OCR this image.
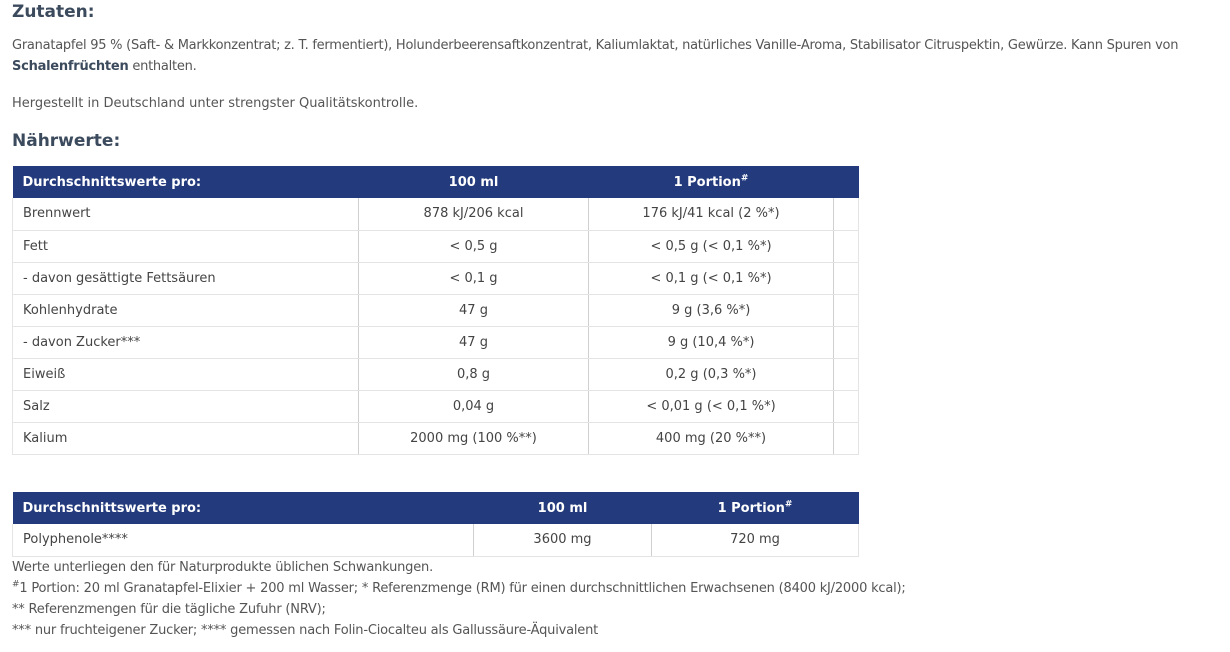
Zutaten:

Granatapfel 95 % (Saft- & Markkonzentrat; z. T. fermentiert), Holunderbeerensaftkonzentrat, Kaliumlaktat, natürliches Vanille-Aroma, Stabilisator Citruspektin, Gewürze. Kann Spuren von Schalenfrüchten enthalten.

Hergestellt in Deutschland unter strengster Qualitätskontrolle.

Nährwerte:
Durchschnittswerte pro:	100 ml	1 Portion#	
Brennwert	878 kJ/206 kcal	176 kJ/41 kcal (2 %*)	
Fett	< 0,5 g	< 0,5 g (< 0,1 %*)	
- davon gesättigte Fettsäuren	< 0,1 g	< 0,1 g (< 0,1 %*)	
Kohlenhydrate	47 g	9 g (3,6 %*)	
- davon Zucker***	47 g	9 g (10,4 %*)	
Eiweiß	0,8 g	0,2 g (0,3 %*)	
Salz	0,04 g	< 0,01 g (< 0,1 %*)	
Kalium	2000 mg (100 %**)	400 mg (20 %**)	
Durchschnittswerte pro:	100 ml	1 Portion#
Polyphenole****	3600 mg	720 mg
Werte unterliegen den für Naturprodukte üblichen Schwankungen.
#1 Portion: 20 ml Granatapfel-Elixier + 200 ml Wasser; * Referenzmenge (RM) für einen durchschnittlichen Erwachsenen (8400 kJ/2000 kcal);
** Referenzmengen für die tägliche Zufuhr (NRV);
*** nur fruchteigener Zucker; **** gemessen nach Folin-Ciocalteu als Gallussäure-Äquivalent
